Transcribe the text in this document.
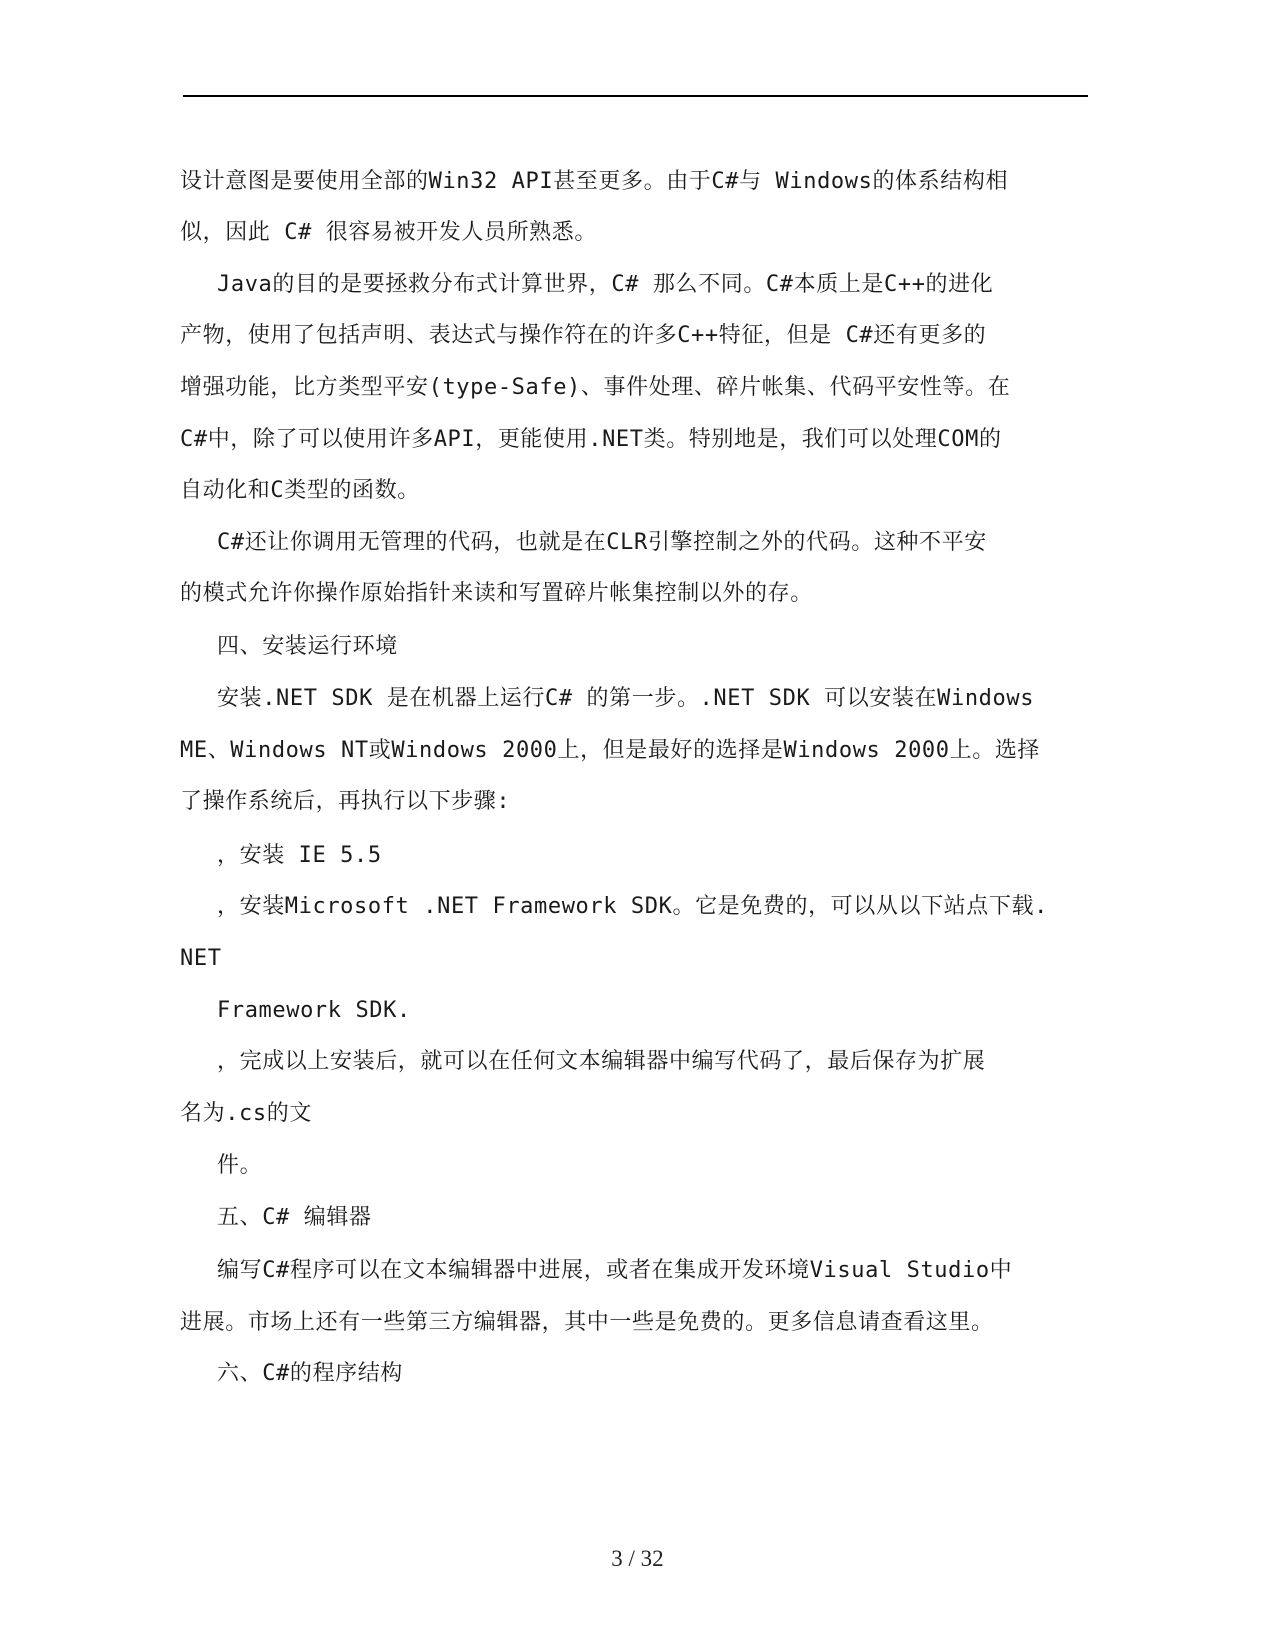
设计意图是要使用全部的Win32 API甚至更多。由于C#与 Windows的体系结构相
似，因此 C# 很容易被开发人员所熟悉。
Java的目的是要拯救分布式计算世界，C# 那么不同。C#本质上是C++的进化
产物，使用了包括声明、表达式与操作符在的许多C++特征，但是 C#还有更多的
增强功能，比方类型平安(type-Safe)、事件处理、碎片帐集、代码平安性等。在
C#中，除了可以使用许多API，更能使用.NET类。特别地是，我们可以处理COM的
自动化和C类型的函数。
C#还让你调用无管理的代码，也就是在CLR引擎控制之外的代码。这种不平安
的模式允许你操作原始指针来读和写置碎片帐集控制以外的存。
四、安装运行环境
安装.NET SDK 是在机器上运行C# 的第一步。.NET SDK 可以安装在Windows
ME、Windows NT或Windows 2000上，但是最好的选择是Windows 2000上。选择
了操作系统后，再执行以下步骤:
，安装 IE 5.5
，安装Microsoft .NET Framework SDK。它是免费的，可以从以下站点下载.
NET
Framework SDK.
，完成以上安装后，就可以在任何文本编辑器中编写代码了，最后保存为扩展
名为.cs的文
件。
五、C# 编辑器
编写C#程序可以在文本编辑器中进展，或者在集成开发环境Visual Studio中
进展。市场上还有一些第三方编辑器，其中一些是免费的。更多信息请查看这里。
六、C#的程序结构
3 / 32
